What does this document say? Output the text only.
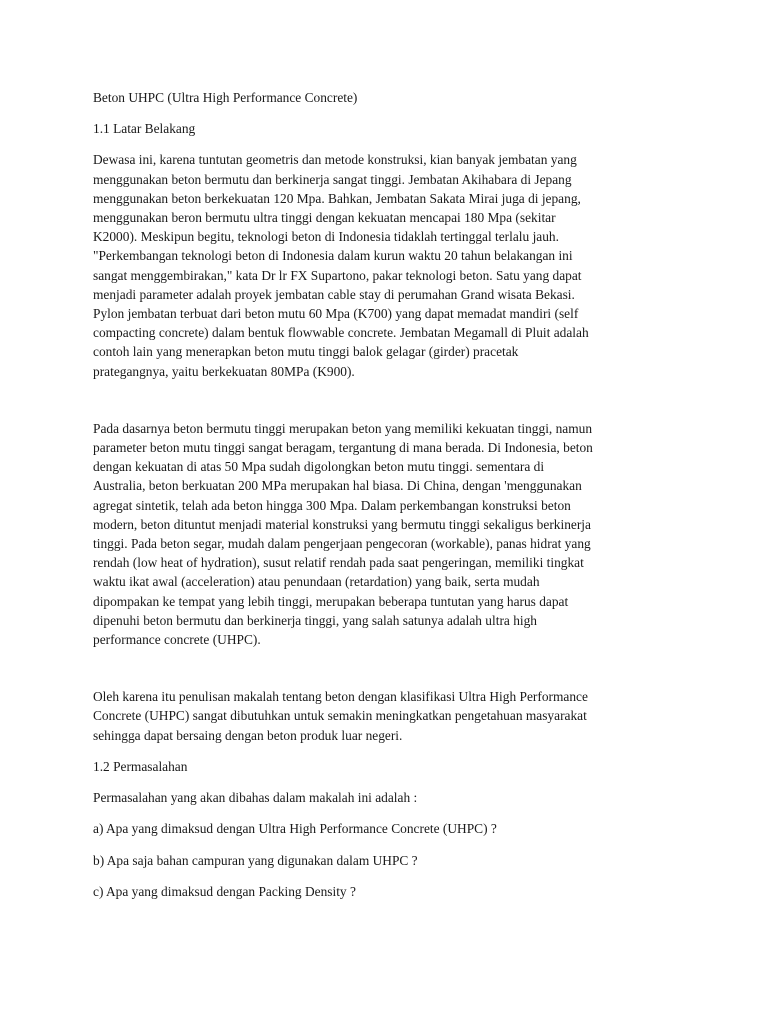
Beton UHPC (Ultra High Performance Concrete)

1.1 Latar Belakang

Dewasa ini, karena tuntutan geometris dan metode konstruksi, kian banyak jembatan yang
menggunakan beton bermutu dan berkinerja sangat tinggi. Jembatan Akihabara di Jepang
menggunakan beton berkekuatan 120 Mpa. Bahkan, Jembatan Sakata Mirai juga di jepang,
menggunakan beron bermutu ultra tinggi dengan kekuatan mencapai 180 Mpa (sekitar
K2000). Meskipun begitu, teknologi beton di Indonesia tidaklah tertinggal terlalu jauh.
"Perkembangan teknologi beton di Indonesia dalam kurun waktu 20 tahun belakangan ini
sangat menggembirakan," kata Dr lr FX Supartono, pakar teknologi beton. Satu yang dapat
menjadi parameter adalah proyek jembatan cable stay di perumahan Grand wisata Bekasi.
Pylon jembatan terbuat dari beton mutu 60 Mpa (K700) yang dapat memadat mandiri (self
compacting concrete) dalam bentuk flowwable concrete. Jembatan Megamall di Pluit adalah
contoh lain yang menerapkan beton mutu tinggi balok gelagar (girder) pracetak
prategangnya, yaitu berkekuatan 80MPa (K900).

Pada dasarnya beton bermutu tinggi merupakan beton yang memiliki kekuatan tinggi, namun
parameter beton mutu tinggi sangat beragam, tergantung di mana berada. Di Indonesia, beton
dengan kekuatan di atas 50 Mpa sudah digolongkan beton mutu tinggi. sementara di
Australia, beton berkuatan 200 MPa merupakan hal biasa. Di China, dengan 'menggunakan
agregat sintetik, telah ada beton hingga 300 Mpa. Dalam perkembangan konstruksi beton
modern, beton dituntut menjadi material konstruksi yang bermutu tinggi sekaligus berkinerja
tinggi. Pada beton segar, mudah dalam pengerjaan pengecoran (workable), panas hidrat yang
rendah (low heat of hydration), susut relatif rendah pada saat pengeringan, memiliki tingkat
waktu ikat awal (acceleration) atau penundaan (retardation) yang baik, serta mudah
dipompakan ke tempat yang lebih tinggi, merupakan beberapa tuntutan yang harus dapat
dipenuhi beton bermutu dan berkinerja tinggi, yang salah satunya adalah ultra high
performance concrete (UHPC).

Oleh karena itu penulisan makalah tentang beton dengan klasifikasi Ultra High Performance
Concrete (UHPC) sangat dibutuhkan untuk semakin meningkatkan pengetahuan masyarakat
sehingga dapat bersaing dengan beton produk luar negeri.

1.2 Permasalahan

Permasalahan yang akan dibahas dalam makalah ini adalah :

a) Apa yang dimaksud dengan Ultra High Performance Concrete (UHPC) ?

b) Apa saja bahan campuran yang digunakan dalam UHPC ?

c) Apa yang dimaksud dengan Packing Density ?
